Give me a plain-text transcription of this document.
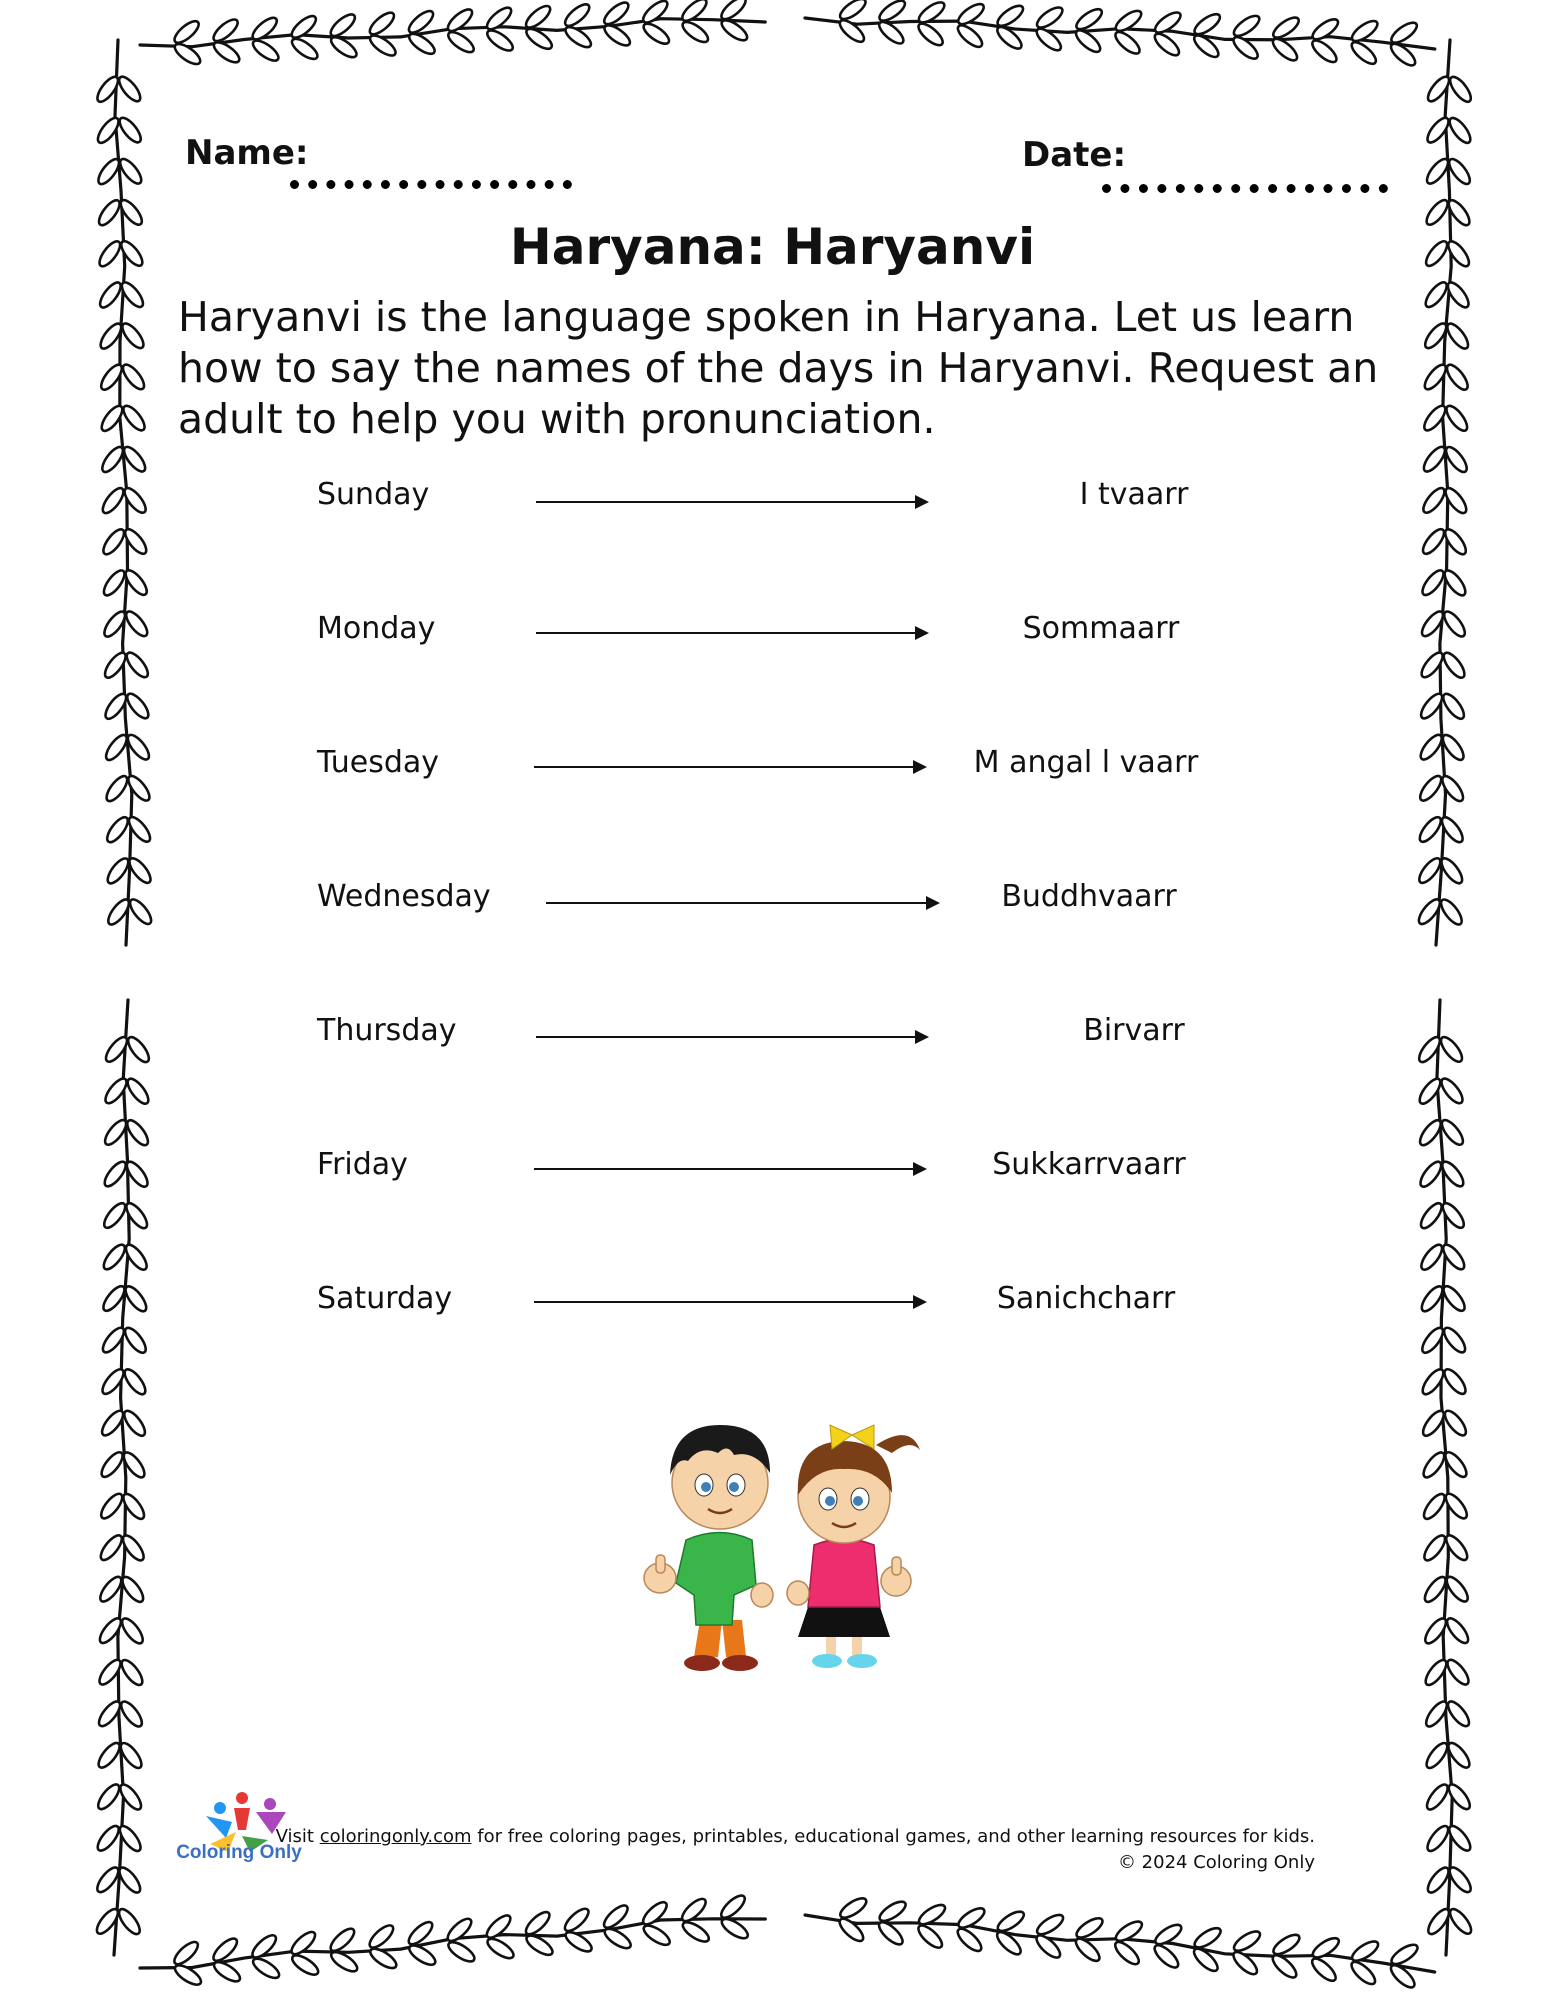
Name:	Date:
Haryana: Haryanvi
Haryanvi is the language spoken in Haryana. Let us learn how to say the names of the days in Haryanvi. Request an adult to help you with pronunciation.
Sunday	I tvaarr
Monday	Sommaarr
Tuesday	M angal l vaarr
Wednesday	Buddhvaarr
Thursday	Birvarr
Friday	Sukkarrvaarr
Saturday	Sanichcharr
Coloring Only
Visit coloringonly.com for free coloring pages, printables, educational games, and other learning resources for kids.
© 2024 Coloring Only
